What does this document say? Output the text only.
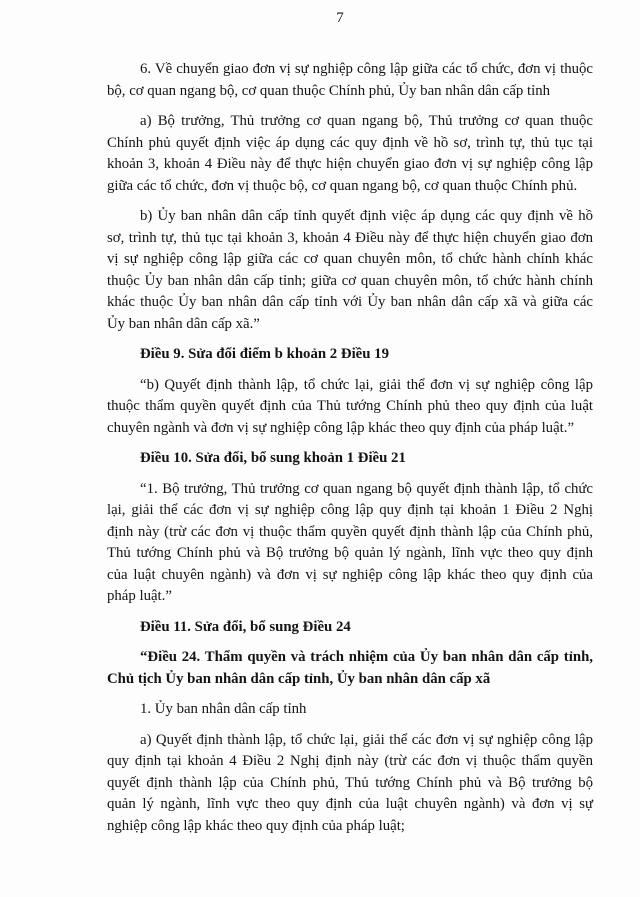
7
6. Về chuyển giao đơn vị sự nghiệp công lập giữa các tổ chức, đơn vị thuộc
bộ, cơ quan ngang bộ, cơ quan thuộc Chính phủ, Ủy ban nhân dân cấp tỉnh
a) Bộ trưởng, Thủ trưởng cơ quan ngang bộ, Thủ trưởng cơ quan thuộc
Chính phủ quyết định việc áp dụng các quy định về hồ sơ, trình tự, thủ tục tại
khoản 3, khoản 4 Điều này để thực hiện chuyển giao đơn vị sự nghiệp công lập
giữa các tổ chức, đơn vị thuộc bộ, cơ quan ngang bộ, cơ quan thuộc Chính phủ.
b) Ủy ban nhân dân cấp tỉnh quyết định việc áp dụng các quy định về hồ
sơ, trình tự, thủ tục tại khoản 3, khoản 4 Điều này để thực hiện chuyển giao đơn
vị sự nghiệp công lập giữa các cơ quan chuyên môn, tổ chức hành chính khác
thuộc Ủy ban nhân dân cấp tỉnh; giữa cơ quan chuyên môn, tổ chức hành chính
khác thuộc Ủy ban nhân dân cấp tỉnh với Ủy ban nhân dân cấp xã và giữa các
Ủy ban nhân dân cấp xã.”
Điều 9. Sửa đổi điểm b khoản 2 Điều 19
“b) Quyết định thành lập, tổ chức lại, giải thể đơn vị sự nghiệp công lập
thuộc thẩm quyền quyết định của Thủ tướng Chính phủ theo quy định của luật
chuyên ngành và đơn vị sự nghiệp công lập khác theo quy định của pháp luật.”
Điều 10. Sửa đổi, bổ sung khoản 1 Điều 21
“1. Bộ trưởng, Thủ trưởng cơ quan ngang bộ quyết định thành lập, tổ chức
lại, giải thể các đơn vị sự nghiệp công lập quy định tại khoản 1 Điều 2 Nghị
định này (trừ các đơn vị thuộc thẩm quyền quyết định thành lập của Chính phủ,
Thủ tướng Chính phủ và Bộ trưởng bộ quản lý ngành, lĩnh vực theo quy định
của luật chuyên ngành) và đơn vị sự nghiệp công lập khác theo quy định của
pháp luật.”
Điều 11. Sửa đổi, bổ sung Điều 24
“Điều 24. Thẩm quyền và trách nhiệm của Ủy ban nhân dân cấp tỉnh,
Chủ tịch Ủy ban nhân dân cấp tỉnh, Ủy ban nhân dân cấp xã
1. Ủy ban nhân dân cấp tỉnh
a) Quyết định thành lập, tổ chức lại, giải thể các đơn vị sự nghiệp công lập
quy định tại khoản 4 Điều 2 Nghị định này (trừ các đơn vị thuộc thẩm quyền
quyết định thành lập của Chính phủ, Thủ tướng Chính phủ và Bộ trưởng bộ
quản lý ngành, lĩnh vực theo quy định của luật chuyên ngành) và đơn vị sự
nghiệp công lập khác theo quy định của pháp luật;
